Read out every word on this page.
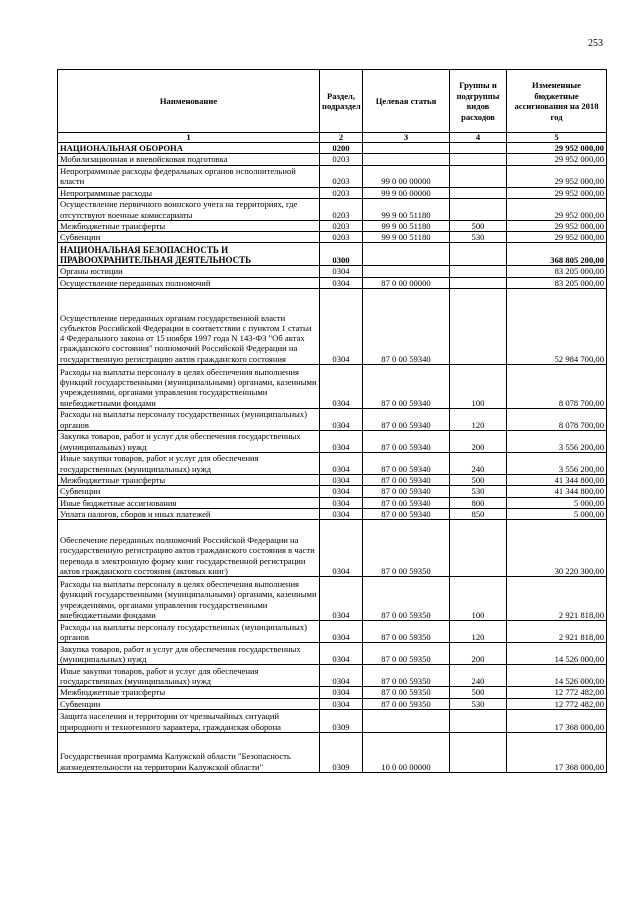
253
Наименование	Раздел, подраздел	Целевая статья	Группы и подгруппы видов расходов	Измененные бюджетные ассигнования на 2018 год
1	2	3	4	5
НАЦИОНАЛЬНАЯ ОБОРОНА	0200			29 952 000,00
Мобилизационная и вневойсковая подготовка	0203			29 952 000,00
Непрограммные расходы федеральных органов исполнительной власти	0203	99 0 00 00000		29 952 000,00
Непрограммные расходы	0203	99 9 00 00000		29 952 000,00
Осуществление первичного воинского учета на территориях, где отсутствуют военные комиссариаты	0203	99 9 00 51180		29 952 000,00
Межбюджетные трансферты	0203	99 9 00 51180	500	29 952 000,00
Субвенции	0203	99 9 00 51180	530	29 952 000,00
НАЦИОНАЛЬНАЯ БЕЗОПАСНОСТЬ И ПРАВООХРАНИТЕЛЬНАЯ ДЕЯТЕЛЬНОСТЬ	0300			368 805 200,00
Органы юстиции	0304			83 205 000,00
Осуществление переданных полномочий	0304	87 0 00 00000		83 205 000,00
Осуществление переданных органам государственной власти субъектов Российской Федерации в соответствии с пунктом 1 статьи 4 Федерального закона от 15 ноября 1997 года N 143-ФЗ "Об актах гражданского состояния" полномочий Российской Федерации на государственную регистрацию актов гражданского состояния	0304	87 0 00 59340		52 984 700,00
Расходы на выплаты персоналу в целях обеспечения выполнения функций государственными (муниципальными) органами, казенными учреждениями, органами управления государственными внебюджетными фондами	0304	87 0 00 59340	100	8 078 700,00
Расходы на выплаты персоналу государственных (муниципальных) органов	0304	87 0 00 59340	120	8 078 700,00
Закупка товаров, работ и услуг для обеспечения государственных (муниципальных) нужд	0304	87 0 00 59340	200	3 556 200,00
Иные закупки товаров, работ и услуг для обеспечения государственных (муниципальных) нужд	0304	87 0 00 59340	240	3 556 200,00
Межбюджетные трансферты	0304	87 0 00 59340	500	41 344 800,00
Субвенции	0304	87 0 00 59340	530	41 344 800,00
Иные бюджетные ассигнования	0304	87 0 00 59340	800	5 000,00
Уплата налогов, сборов и иных платежей	0304	87 0 00 59340	850	5 000,00
Обеспечение переданных полномочий Российской Федерации на государственную регистрацию актов гражданского состояния в части перевода в электронную форму книг государственной регистрации актов гражданского состояния (актовых книг)	0304	87 0 00 59350		30 220 300,00
Расходы на выплаты персоналу в целях обеспечения выполнения функций государственными (муниципальными) органами, казенными учреждениями, органами управления государственными внебюджетными фондами	0304	87 0 00 59350	100	2 921 818,00
Расходы на выплаты персоналу государственных (муниципальных) органов	0304	87 0 00 59350	120	2 921 818,00
Закупка товаров, работ и услуг для обеспечения государственных (муниципальных) нужд	0304	87 0 00 59350	200	14 526 000,00
Иные закупки товаров, работ и услуг для обеспечения государственных (муниципальных) нужд	0304	87 0 00 59350	240	14 526 000,00
Межбюджетные трансферты	0304	87 0 00 59350	500	12 772 482,00
Субвенции	0304	87 0 00 59350	530	12 772 482,00
Защита населения и территории от чрезвычайных ситуаций природного и техногенного характера, гражданская оборона	0309			17 368 000,00
Государственная программа Калужской области "Безопасность жизнедеятельности на территории Калужской области"	0309	10 0 00 00000		17 368 000,00
